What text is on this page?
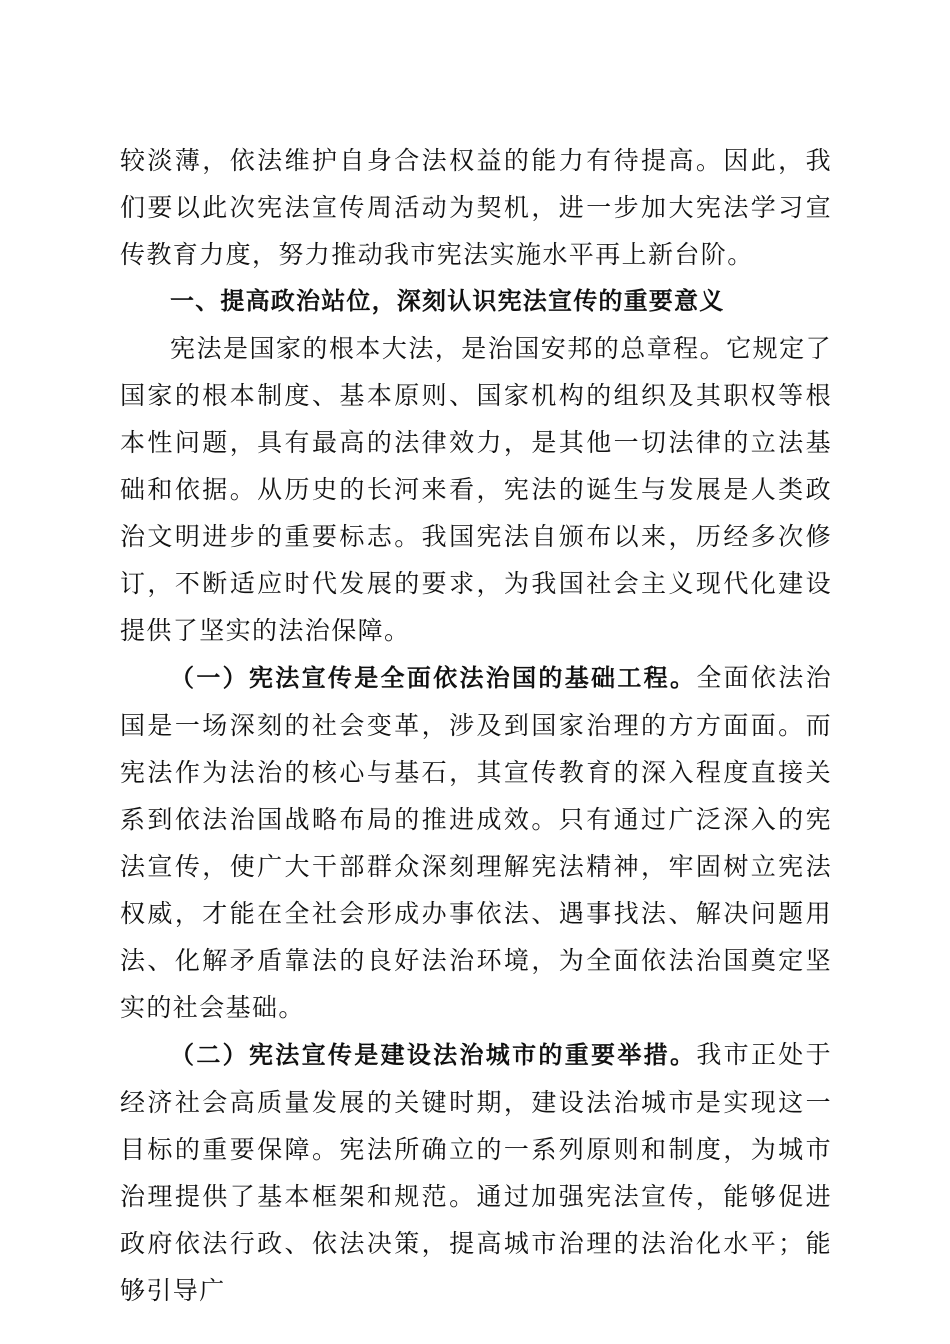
较淡薄，依法维护自身合法权益的能力有待提高。因此，我们要以此次宪法宣传周活动为契机，进一步加大宪法学习宣传教育力度，努力推动我市宪法实施水平再上新台阶。

一、提高政治站位，深刻认识宪法宣传的重要意义

宪法是国家的根本大法，是治国安邦的总章程。它规定了国家的根本制度、基本原则、国家机构的组织及其职权等根本性问题，具有最高的法律效力，是其他一切法律的立法基础和依据。从历史的长河来看，宪法的诞生与发展是人类政治文明进步的重要标志。我国宪法自颁布以来，历经多次修订，不断适应时代发展的要求，为我国社会主义现代化建设提供了坚实的法治保障。

（一）宪法宣传是全面依法治国的基础工程。全面依法治国是一场深刻的社会变革，涉及到国家治理的方方面面。而宪法作为法治的核心与基石，其宣传教育的深入程度直接关系到依法治国战略布局的推进成效。只有通过广泛深入的宪法宣传，使广大干部群众深刻理解宪法精神，牢固树立宪法权威，才能在全社会形成办事依法、遇事找法、解决问题用法、化解矛盾靠法的良好法治环境，为全面依法治国奠定坚实的社会基础。

（二）宪法宣传是建设法治城市的重要举措。我市正处于经济社会高质量发展的关键时期，建设法治城市是实现这一目标的重要保障。宪法所确立的一系列原则和制度，为城市治理提供了基本框架和规范。通过加强宪法宣传，能够促进政府依法行政、依法决策，提高城市治理的法治化水平；能够引导广
